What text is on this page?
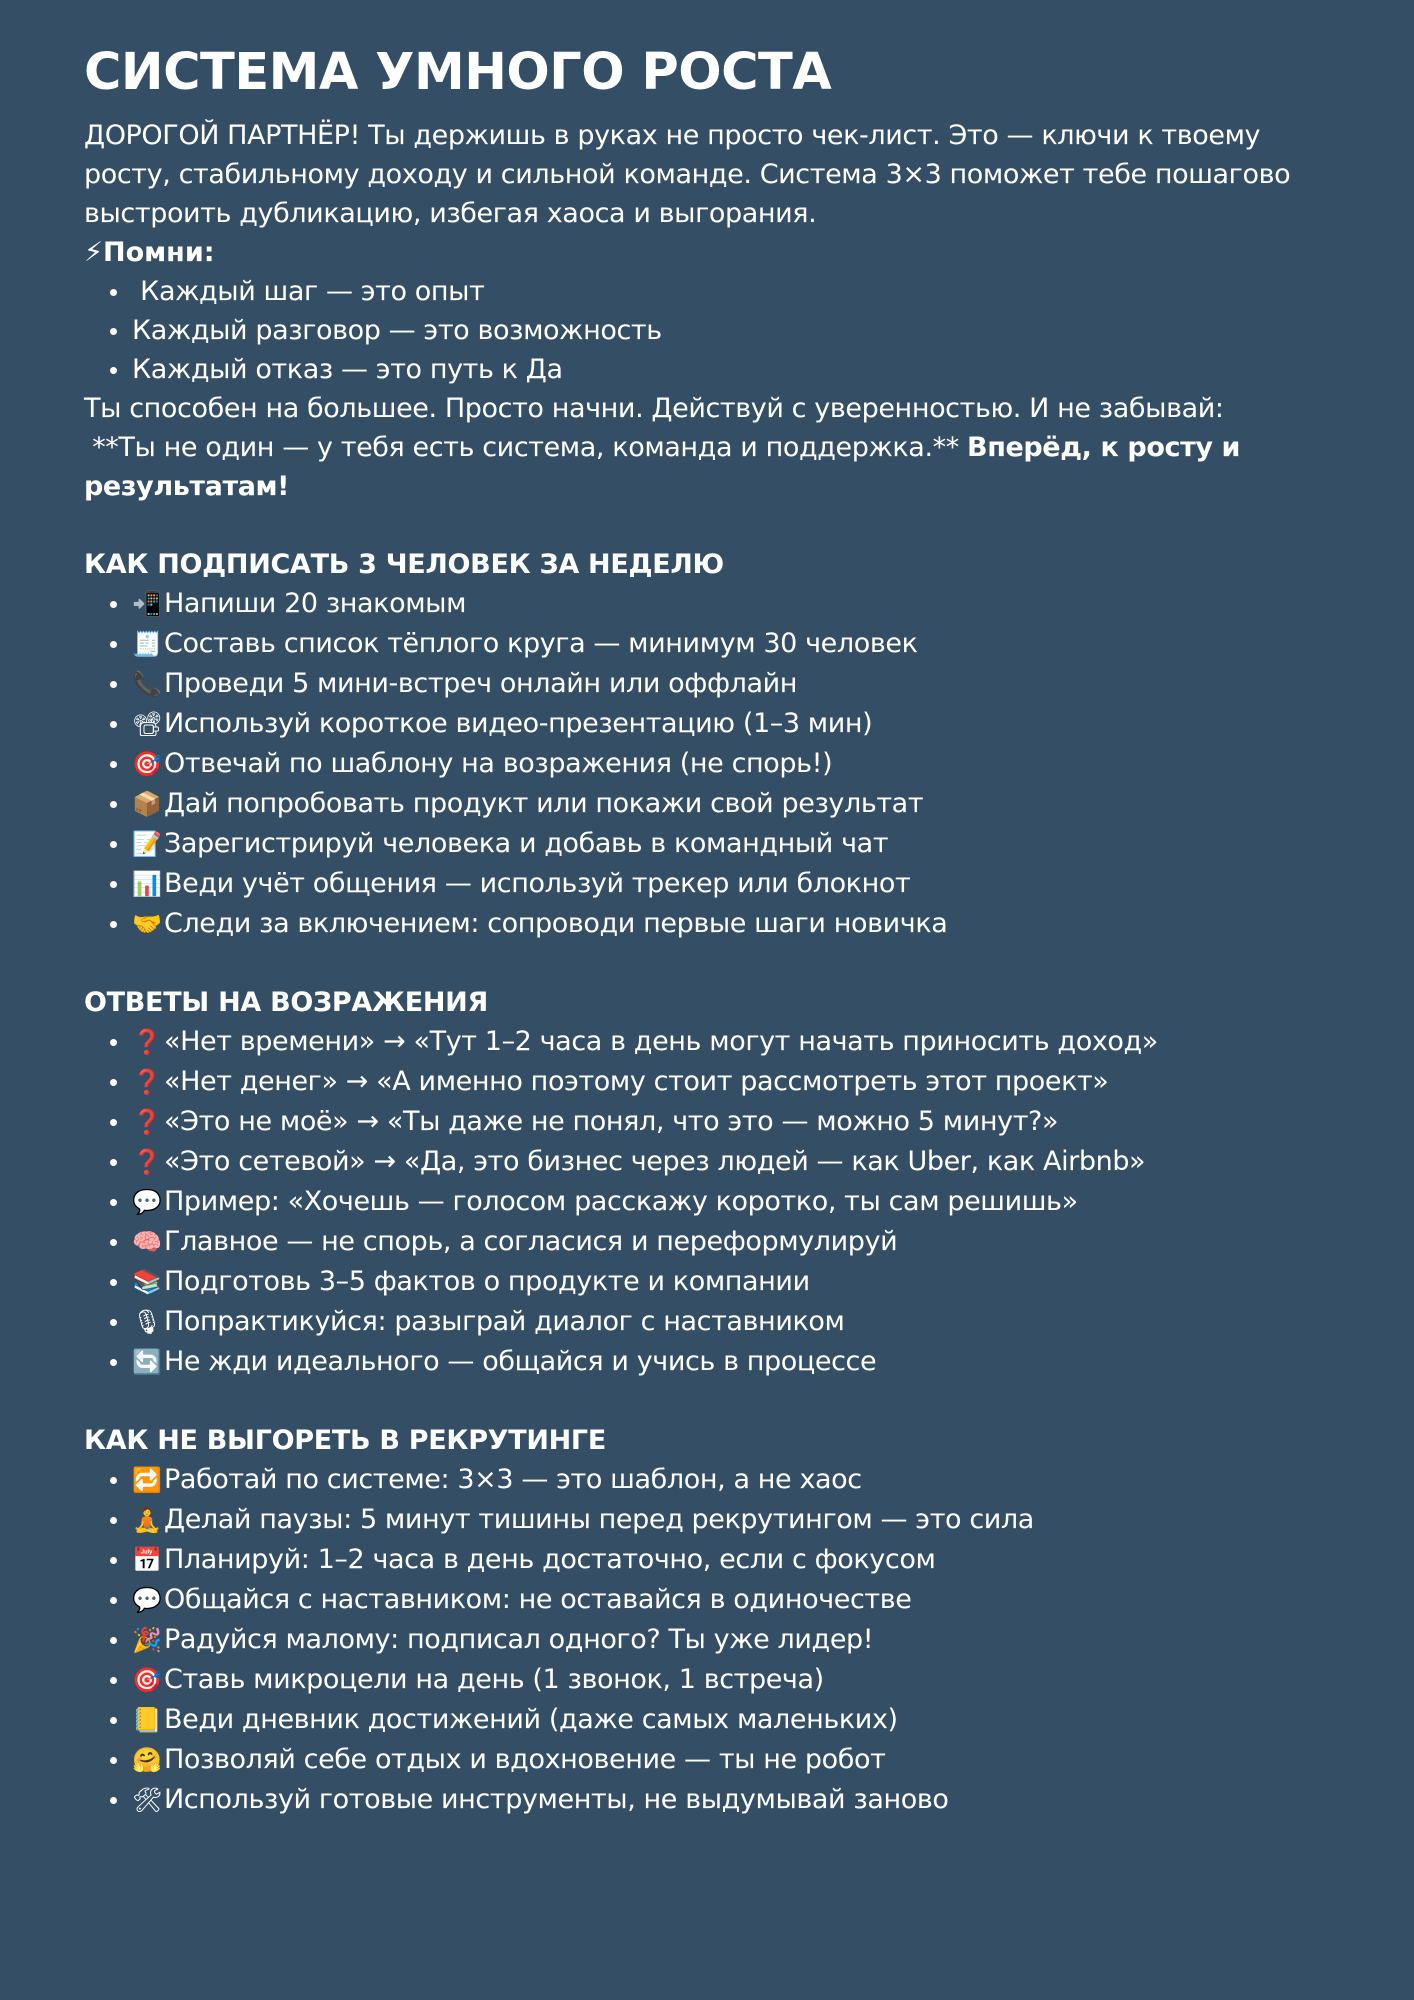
СИСТЕМА УМНОГО РОСТА

ДОРОГОЙ ПАРТНЁР! Ты держишь в руках не просто чек-лист. Это — ключи к твоему росту, стабильному доходу и сильной команде. Система 3×3 поможет тебе пошагово выстроить дубликацию, избегая хаоса и выгорания.

⚡Помни:

Каждый шаг — это опыт
Каждый разговор — это возможность
Каждый отказ — это путь к Да

Ты способен на большее. Просто начни. Действуй с уверенностью. И не забывай:

**Ты не один — у тебя есть система, команда и поддержка.** Вперёд, к росту и результатам!

КАК ПОДПИСАТЬ 3 ЧЕЛОВЕК ЗА НЕДЕЛЮ
📲Напиши 20 знакомым
🧾Составь список тёплого круга — минимум 30 человек
📞Проведи 5 мини-встреч онлайн или оффлайн
📽Используй короткое видео-презентацию (1–3 мин)
🎯Отвечай по шаблону на возражения (не спорь!)
📦Дай попробовать продукт или покажи свой результат
📝Зарегистрируй человека и добавь в командный чат
📊Веди учёт общения — используй трекер или блокнот
🤝Следи за включением: сопроводи первые шаги новичка
ОТВЕТЫ НА ВОЗРАЖЕНИЯ
❓«Нет времени» → «Тут 1–2 часа в день могут начать приносить доход»
❓«Нет денег» → «А именно поэтому стоит рассмотреть этот проект»
❓«Это не моё» → «Ты даже не понял, что это — можно 5 минут?»
❓«Это сетевой» → «Да, это бизнес через людей — как Uber, как Airbnb»
💬Пример: «Хочешь — голосом расскажу коротко, ты сам решишь»
🧠Главное — не спорь, а согласися и переформулируй
📚Подготовь 3–5 фактов о продукте и компании
🎙Попрактикуйся: разыграй диалог с наставником
🔄Не жди идеального — общайся и учись в процессе
КАК НЕ ВЫГОРЕТЬ В РЕКРУТИНГЕ
🔁Работай по системе: 3×3 — это шаблон, а не хаос
🧘Делай паузы: 5 минут тишины перед рекрутингом — это сила
📅Планируй: 1–2 часа в день достаточно, если с фокусом
💬Общайся с наставником: не оставайся в одиночестве
🎉Радуйся малому: подписал одного? Ты уже лидер!
🎯Ставь микроцели на день (1 звонок, 1 встреча)
📒Веди дневник достижений (даже самых маленьких)
🤗Позволяй себе отдых и вдохновение — ты не робот
🛠Используй готовые инструменты, не выдумывай заново
